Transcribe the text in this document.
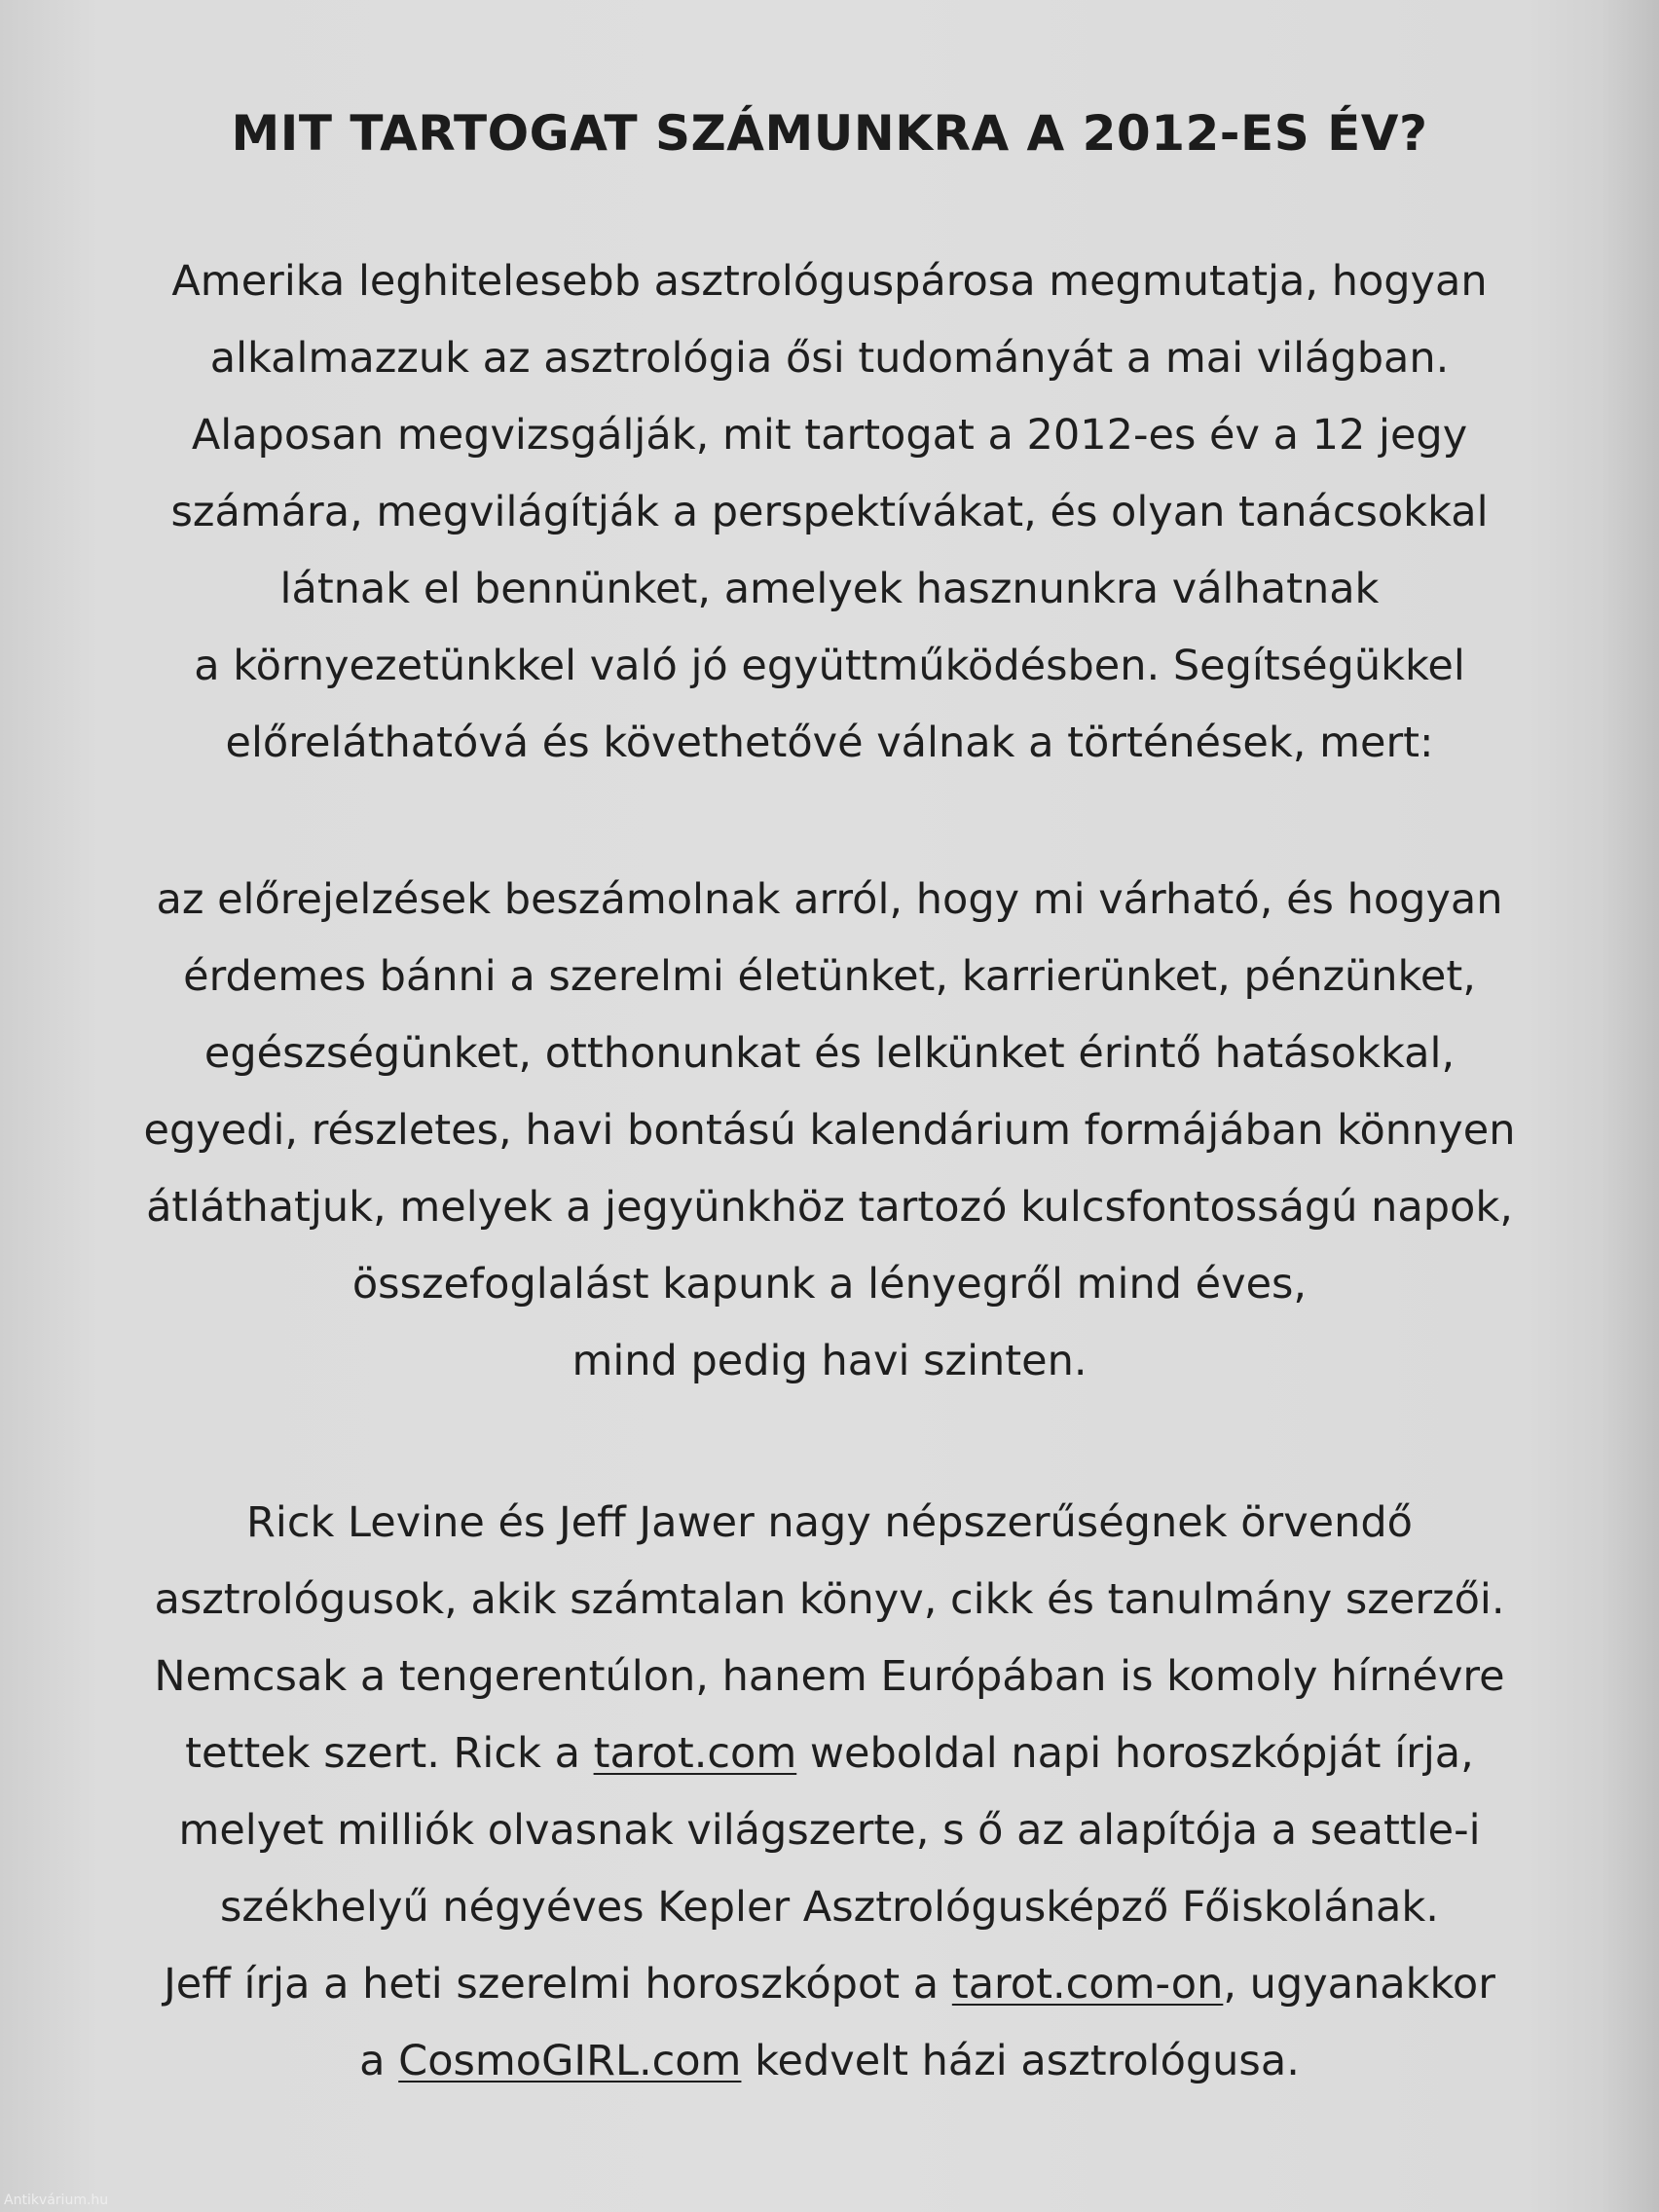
MIT TARTOGAT SZÁMUNKRA A 2012-ES ÉV?

Amerika leghitelesebb asztrológuspárosa megmutatja, hogyan
alkalmazzuk az asztrológia ősi tudományát a mai világban.
Alaposan megvizsgálják, mit tartogat a 2012-es év a 12 jegy
számára, megvilágítják a perspektívákat, és olyan tanácsokkal
látnak el bennünket, amelyek hasznunkra válhatnak
a környezetünkkel való jó együttműködésben. Segítségükkel
előreláthatóvá és követhetővé válnak a történések, mert:

az előrejelzések beszámolnak arról, hogy mi várható, és hogyan
érdemes bánni a szerelmi életünket, karrierünket, pénzünket,
egészségünket, otthonunkat és lelkünket érintő hatásokkal,
egyedi, részletes, havi bontású kalendárium formájában könnyen
átláthatjuk, melyek a jegyünkhöz tartozó kulcsfontosságú napok,
összefoglalást kapunk a lényegről mind éves,
mind pedig havi szinten.

Rick Levine és Jeff Jawer nagy népszerűségnek örvendő
asztrológusok, akik számtalan könyv, cikk és tanulmány szerzői.
Nemcsak a tengerentúlon, hanem Európában is komoly hírnévre
tettek szert. Rick a tarot.com weboldal napi horoszkópját írja,
melyet milliók olvasnak világszerte, s ő az alapítója a seattle-i
székhelyű négyéves Kepler Asztrológusképző Főiskolának.
Jeff írja a heti szerelmi horoszkópot a tarot.com-on, ugyanakkor
a CosmoGIRL.com kedvelt házi asztrológusa.

Antikvárium.hu
